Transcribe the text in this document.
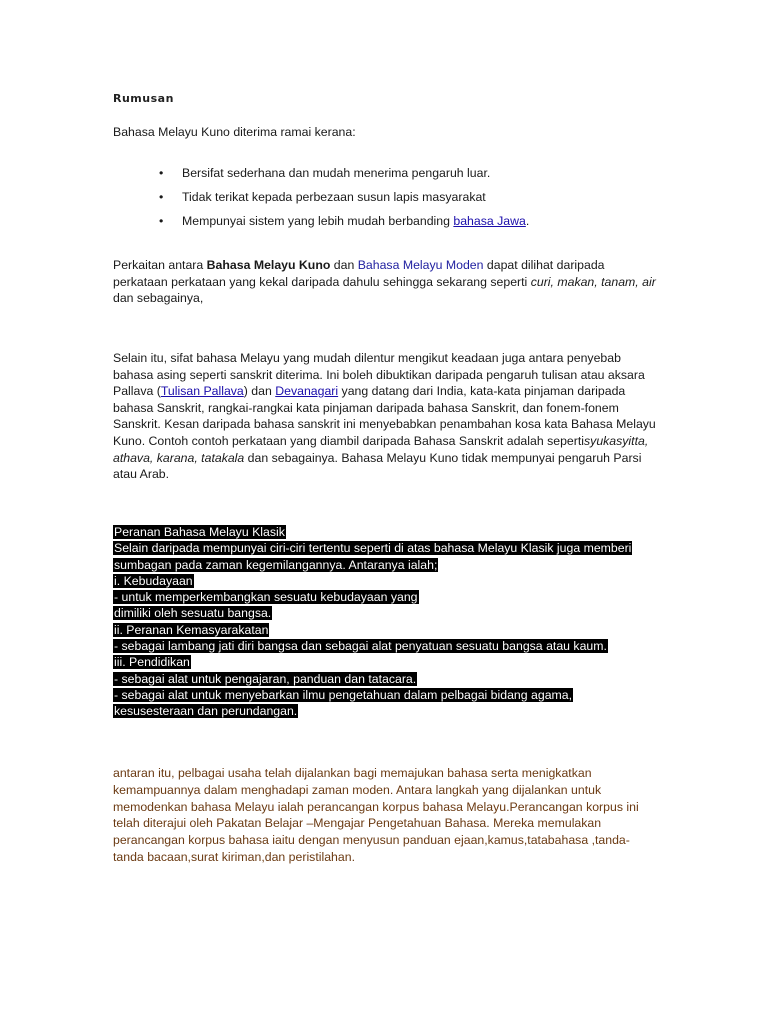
Rumusan
Bahasa Melayu Kuno diterima ramai kerana:
• Bersifat sederhana dan mudah menerima pengaruh luar.
• Tidak terikat kepada perbezaan susun lapis masyarakat
• Mempunyai sistem yang lebih mudah berbanding bahasa Jawa.
Perkaitan antara Bahasa Melayu Kuno dan Bahasa Melayu Moden dapat dilihat daripada perkataan perkataan yang kekal daripada dahulu sehingga sekarang seperti curi, makan, tanam, air dan sebagainya,
Selain itu, sifat bahasa Melayu yang mudah dilentur mengikut keadaan juga antara penyebab bahasa asing seperti sanskrit diterima. Ini boleh dibuktikan daripada pengaruh tulisan atau aksara Pallava (Tulisan Pallava) dan Devanagari yang datang dari India, kata-kata pinjaman daripada bahasa Sanskrit, rangkai-rangkai kata pinjaman daripada bahasa Sanskrit, dan fonem-fonem Sanskrit. Kesan daripada bahasa sanskrit ini menyebabkan penambahan kosa kata Bahasa Melayu Kuno. Contoh contoh perkataan yang diambil daripada Bahasa Sanskrit adalah sepertisyukasyitta, athava, karana, tatakala dan sebagainya. Bahasa Melayu Kuno tidak mempunyai pengaruh Parsi atau Arab.
Peranan Bahasa Melayu Klasik
Selain daripada mempunyai ciri-ciri tertentu seperti di atas bahasa Melayu Klasik juga memberi
sumbagan pada zaman kegemilangannya. Antaranya ialah;
i. Kebudayaan
- untuk memperkembangkan sesuatu kebudayaan yang
dimiliki oleh sesuatu bangsa.
ii. Peranan Kemasyarakatan
- sebagai lambang jati diri bangsa dan sebagai alat penyatuan sesuatu bangsa atau kaum.
iii. Pendidikan
- sebagai alat untuk pengajaran, panduan dan tatacara.
- sebagai alat untuk menyebarkan ilmu pengetahuan dalam pelbagai bidang agama,
kesusesteraan dan perundangan.
antaran itu, pelbagai usaha telah dijalankan bagi memajukan bahasa serta menigkatkan kemampuannya dalam menghadapi zaman moden. Antara langkah yang dijalankan untuk memodenkan bahasa Melayu ialah perancangan korpus bahasa Melayu.Perancangan korpus ini telah diterajui oleh Pakatan Belajar –Mengajar Pengetahuan Bahasa. Mereka memulakan perancangan korpus bahasa iaitu dengan menyusun panduan ejaan,kamus,tatabahasa ,tanda-tanda bacaan,surat kiriman,dan peristilahan.
